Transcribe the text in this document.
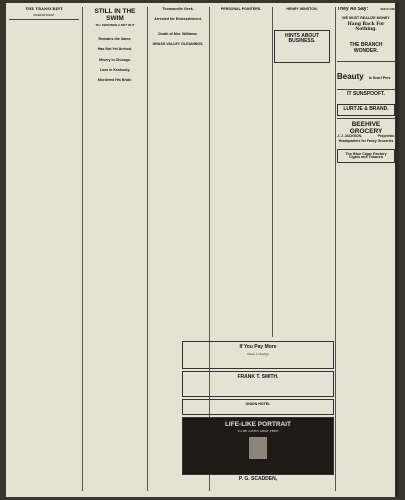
THE TRANSCRIPT
INDEPENDENT	STILL IN THE SWIM
The SWANNIOLA NOT IN IT

Remains the Same.

Has Not Yet Arrived.

Misery in Chicago.

Loss in Kentucky.

Murdered His Bride.

Thomasville Geek.

Arrested for Embezzlement.

Death of Mrs. Williams.

GRASS VALLEY GLEANINGS.

PERSONAL POINTERS.	HENRY WINSTON.

HINTS ABOUT BUSINESS.

If You Pay More
Than I Charge
FRANK T. SMITH.

UNION HOTEL
LIFE-LIKE PORTRAIT
TO BE GIVEN AWAY FREE
P. G. SCADDEN,
They All Say:	SOLD ON!

WE MUST REALIZE MONEY
Hang Back For Nothing.

THE BRANCH WONDER.

Beauty is Scarf Pins

IT SUNSPOOFT.

LURTJE & BRAND.
BEEHIVE GROCERY
J. J. JACKSON,	Proprietor.
Headquarters for Fancy Groceries
The Blue Cigar Factory
Cigars and Tobacco
